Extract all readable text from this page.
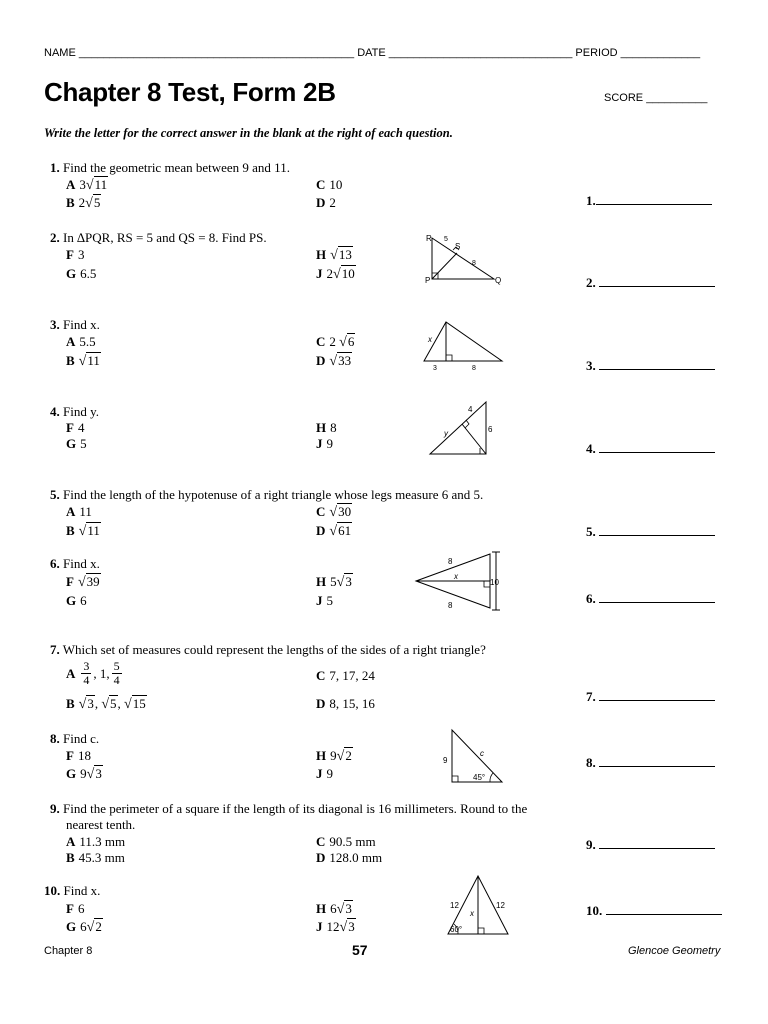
NAME _____________________________________________ DATE ______________________________ PERIOD _____________
Chapter 8 Test, Form 2B	SCORE __________
Write the letter for the correct answer in the blank at the right of each question.
1. Find the geometric mean between 9 and 11.
A 3√11
B 2√5
C 10
D 2
2. In ∆PQR, RS = 5 and QS = 8. Find PS.
F 3
G 6.5
H √13
J 2√10
3. Find x.
A 5.5
B √11
C 2 √6
D √33
4. Find y.
F 4
G 5
H 8
J 9
5. Find the length of the hypotenuse of a right triangle whose legs measure 6 and 5.
A 11
B √11
C √30
D √61
6. Find x.
F √39
G 6
H 5√3
J 5
7. Which set of measures could represent the lengths of the sides of a right triangle?
A $\frac{3}{4}$ , 1, $\frac{5}{4}$
B √3, √5, √15
C 7, 17, 24
D 8, 15, 16
8. Find c.
F 18
G 9√3
H 9√2
J 9
9. Find the perimeter of a square if the length of its diagonal is 16 millimeters. Round to the
nearest tenth.
A 11.3 mm
B 45.3 mm
C 90.5 mm
D 128.0 mm
10. Find x.
F 6
G 6√2
H 6√3
J 12√3
1.
2.
3.
4.
5.
6.
7.
8.
9.
10.
R
S
P	Q
5
8
x
3	8
4
6
y
8
8
x
10
9
c
45°
12	12
x
60°
Chapter 8	57	Glencoe Geometry
